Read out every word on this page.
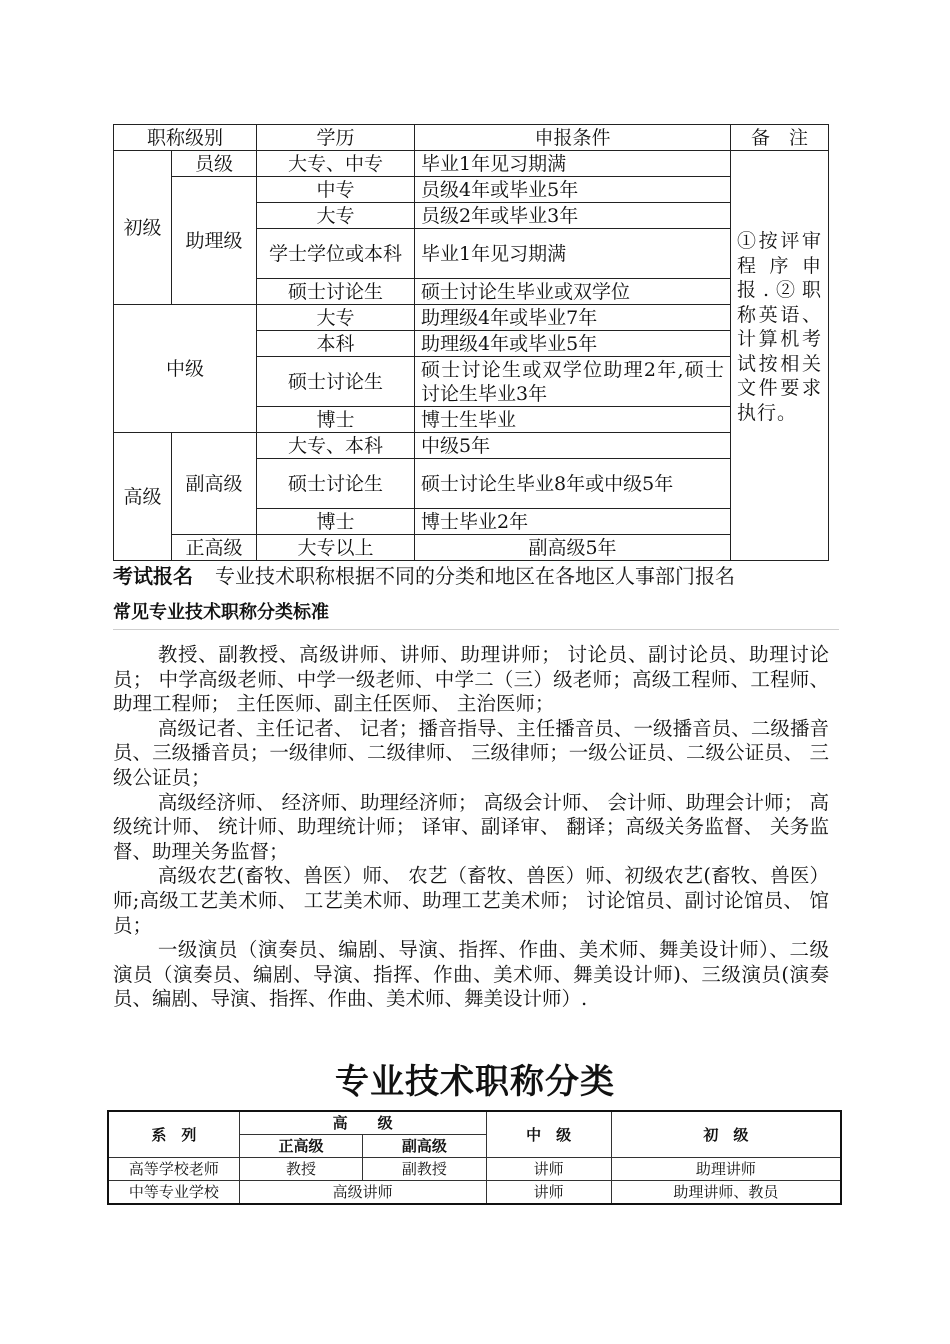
职称级别		学历	申报条件	备　注
初级	员级	大专、中专	毕业1年见习期满	①按评审程序申报.②职称英语、计算机考试按相关文件要求执行。
	助理级	中专	员级4年或毕业5年	
		大专	员级2年或毕业3年	
		学士学位或本科	毕业1年见习期满	
		硕士讨论生	硕士讨论生毕业或双学位	
中级		大专	助理级4年或毕业7年	
		本科	助理级4年或毕业5年	
		硕士讨论生	硕士讨论生或双学位助理2年,硕士讨论生毕业3年	
		博士	博士生毕业	
高级	副高级	大专、本科	中级5年	
		硕士讨论生	硕士讨论生毕业8年或中级5年	
		博士	博士毕业2年	
	正高级	大专以上	副高级5年	
考试报名 专业技术职称根据不同的分类和地区在各地区人事部门报名
常见专业技术职称分类标准

教授、副教授、高级讲师、讲师、助理讲师； 讨论员、副讨论员、助理讨论员； 中学高级老师、中学一级老师、中学二（三）级老师；高级工程师、工程师、助理工程师； 主任医师、副主任医师、 主治医师；

高级记者、主任记者、 记者；播音指导、主任播音员、一级播音员、二级播音员、三级播音员；一级律师、二级律师、 三级律师；一级公证员、二级公证员、 三级公证员；

高级经济师、 经济师、助理经济师； 高级会计师、 会计师、助理会计师； 高级统计师、 统计师、助理统计师； 译审、副译审、 翻译；高级关务监督、 关务监督、助理关务监督；

高级农艺(畜牧、兽医）师、 农艺（畜牧、兽医）师、初级农艺(畜牧、兽医）师;高级工艺美术师、 工艺美术师、助理工艺美术师； 讨论馆员、副讨论馆员、 馆员；

一级演员（演奏员、编剧、导演、指挥、作曲、美术师、舞美设计师）、二级演员（演奏员、编剧、导演、指挥、作曲、美术师、舞美设计师)、三级演员(演奏员、编剧、导演、指挥、作曲、美术师、舞美设计师）.

专业技术职称分类
系　列	高　　级		中　级	初　级
	正高级	副高级		
高等学校老师	教授	副教授	讲师	助理讲师
中等专业学校	高级讲师		讲师	助理讲师、教员
